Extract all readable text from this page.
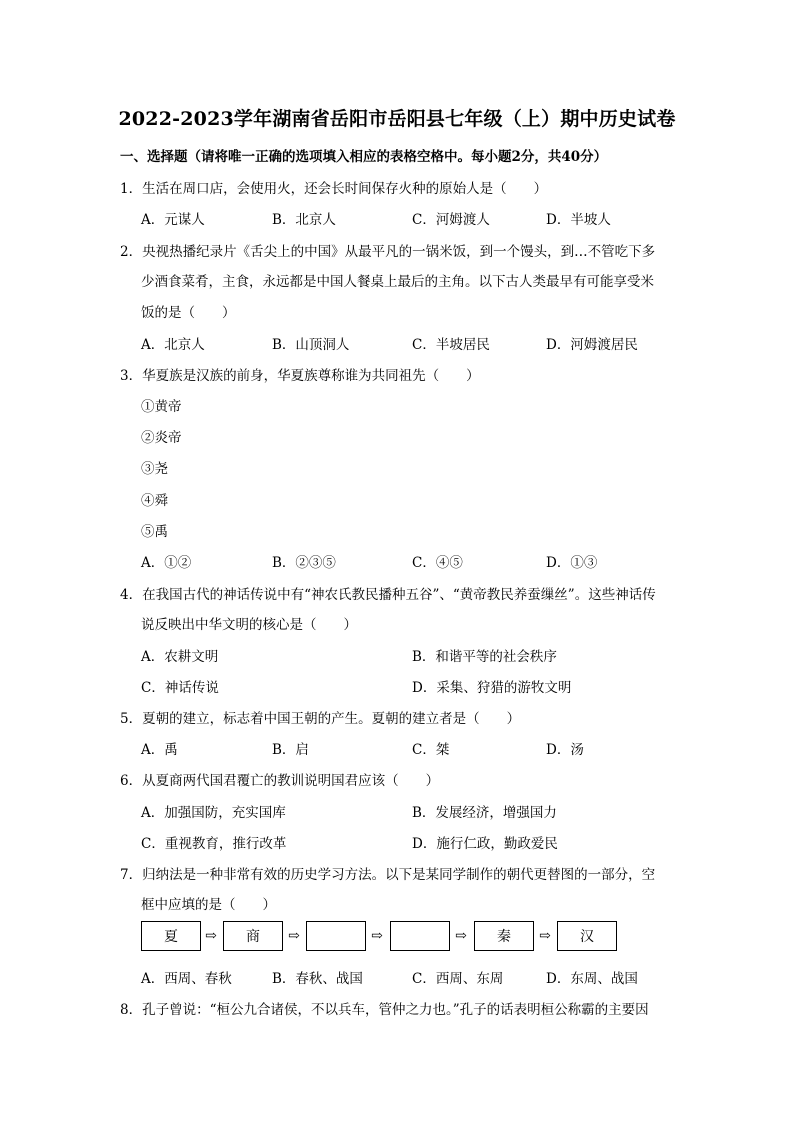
2022-2023学年湖南省岳阳市岳阳县七年级（上）期中历史试卷
一、选择题（请将唯一正确的选项填入相应的表格空格中。每小题2分，共40分）
1．生活在周口店，会使用火，还会长时间保存火种的原始人是（　　）
A．元谋人	B．北京人	C．河姆渡人	D．半坡人
2．央视热播纪录片《舌尖上的中国》从最平凡的一锅米饭，到一个馒头，到…不管吃下多
少酒食菜肴，主食，永远都是中国人餐桌上最后的主角。以下古人类最早有可能享受米
饭的是（　　）
A．北京人	B．山顶洞人	C．半坡居民	D．河姆渡居民
3．华夏族是汉族的前身，华夏族尊称谁为共同祖先（　　）
①黄帝
②炎帝
③尧
④舜
⑤禹
A．①②	B．②③⑤	C．④⑤	D．①③
4．在我国古代的神话传说中有“神农氏教民播种五谷”、“黄帝教民养蚕缫丝”。这些神话传
说反映出中华文明的核心是（　　）
A．农耕文明	B．和谐平等的社会秩序
C．神话传说	D．采集、狩猎的游牧文明
5．夏朝的建立，标志着中国王朝的产生。夏朝的建立者是（　　）
A．禹	B．启	C．桀	D．汤
6．从夏商两代国君覆亡的教训说明国君应该（　　）
A．加强国防，充实国库	B．发展经济，增强国力
C．重视教育，推行改革	D．施行仁政，勤政爱民
7．归纳法是一种非常有效的历史学习方法。以下是某同学制作的朝代更替图的一部分，空
框中应填的是（　　）
夏	⇨	商	⇨	⇨	⇨	秦	⇨	汉
A．西周、春秋	B．春秋、战国	C．西周、东周	D．东周、战国
8．孔子曾说：“桓公九合诸侯，不以兵车，管仲之力也。”孔子的话表明桓公称霸的主要因
